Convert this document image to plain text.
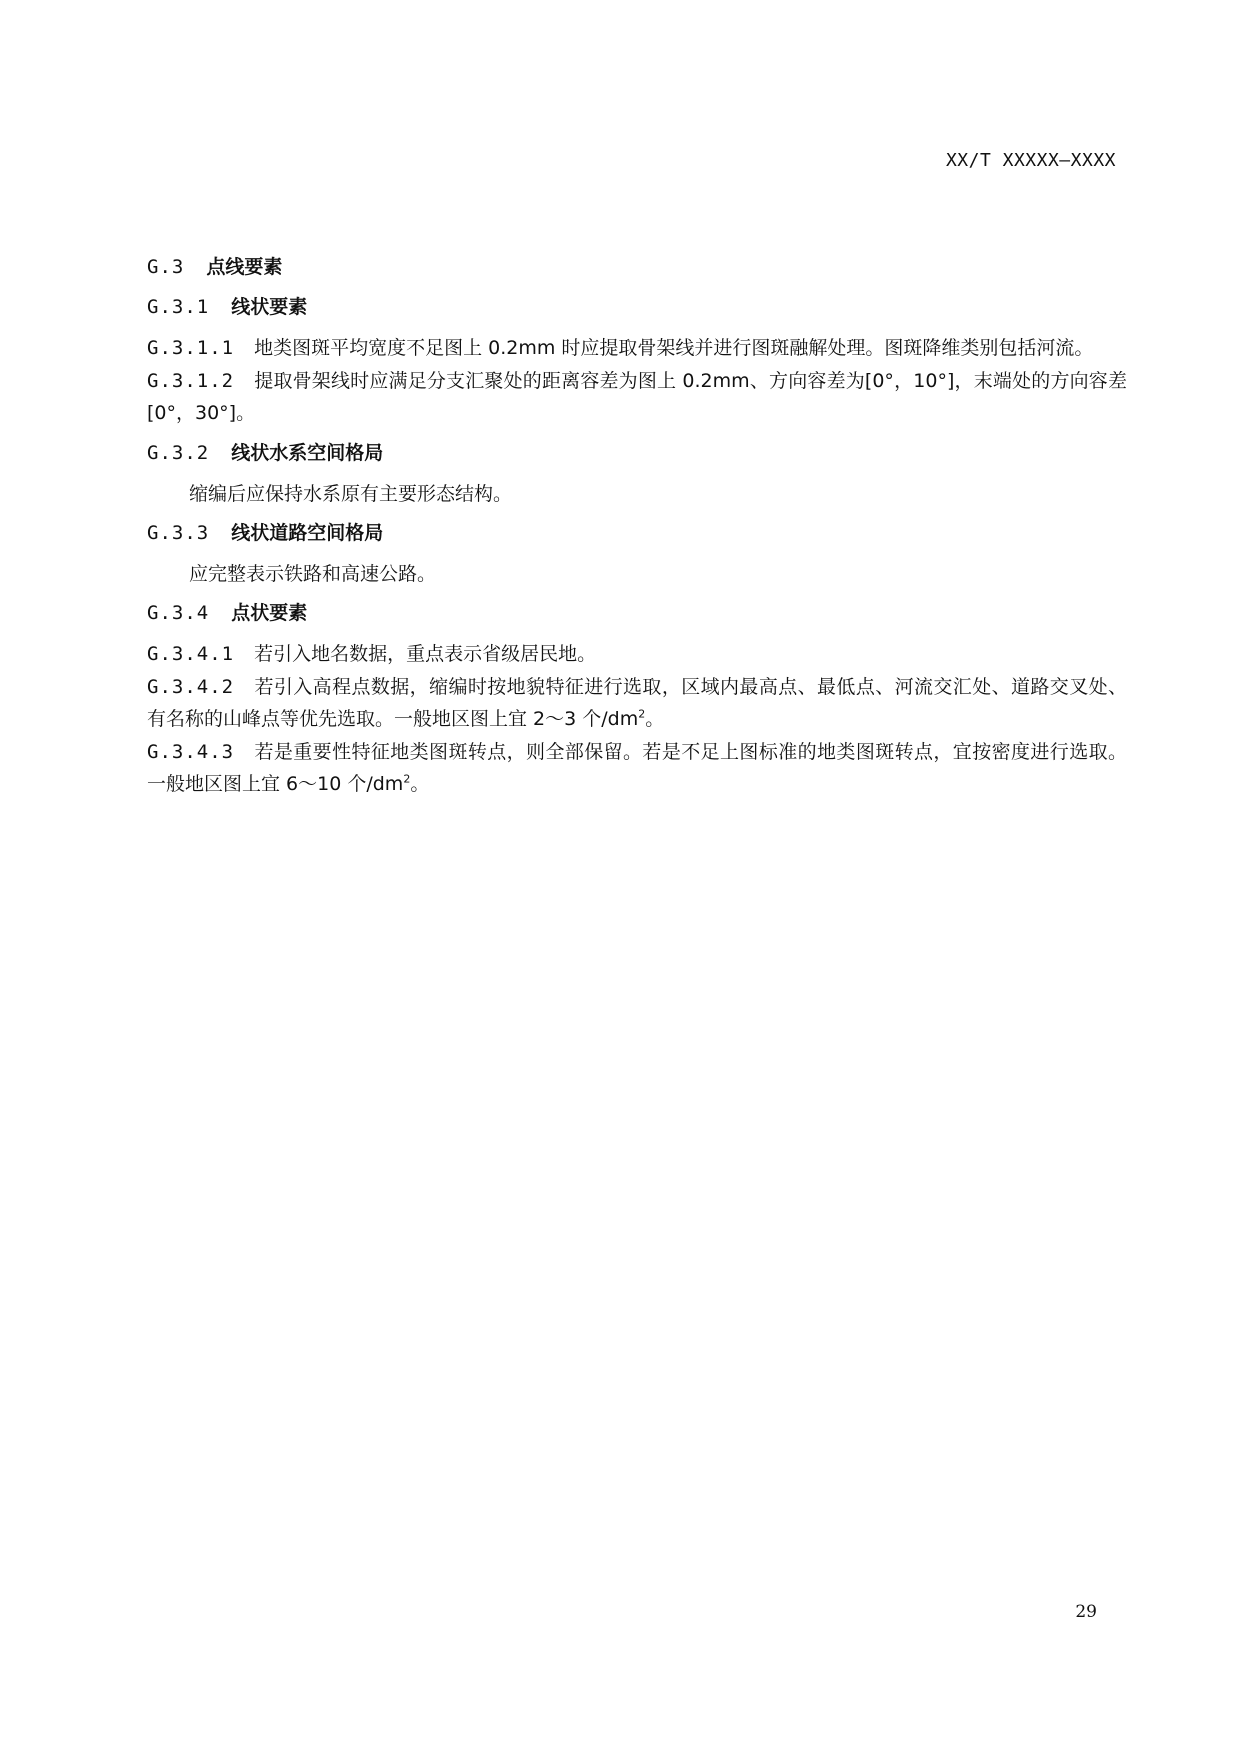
XX/T XXXXX—XXXX
G.3 点线要素
G.3.1 线状要素
G.3.1.1 地类图斑平均宽度不足图上 0.2mm 时应提取骨架线并进行图斑融解处理。图斑降维类别包括河流。
G.3.1.2 提取骨架线时应满足分支汇聚处的距离容差为图上 0.2mm、方向容差为[0°，10°]，末端处的方向容差[0°，30°]。
G.3.2 线状水系空间格局
缩编后应保持水系原有主要形态结构。
G.3.3 线状道路空间格局
应完整表示铁路和高速公路。
G.3.4 点状要素
G.3.4.1 若引入地名数据，重点表示省级居民地。
G.3.4.2 若引入高程点数据，缩编时按地貌特征进行选取，区域内最高点、最低点、河流交汇处、道路交叉处、有名称的山峰点等优先选取。一般地区图上宜 2～3 个$/dm^2$。
G.3.4.3 若是重要性特征地类图斑转点，则全部保留。若是不足上图标准的地类图斑转点，宜按密度进行选取。一般地区图上宜 6～10 个$/dm^2$。
29
